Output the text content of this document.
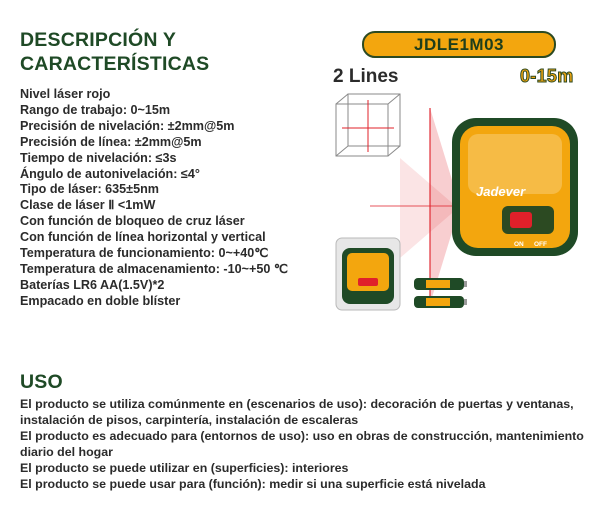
DESCRIPCIÓN Y CARACTERÍSTICAS
Nivel láser rojo
Rango de trabajo: 0~15m
Precisión de nivelación: ±2mm@5m
Precisión de línea: ±2mm@5m
Tiempo de nivelación: ≤3s
Ángulo de autonivelación: ≤4°
Tipo de láser: 635±5nm
Clase de láser Ⅱ <1mW
Con función de bloqueo de cruz láser
Con función de línea horizontal y vertical
Temperatura de funcionamiento: 0~+40℃
Temperatura de almacenamiento: -10~+50 ℃
Baterías LR6 AA(1.5V)*2
Empacado en doble blíster
JDLE1M03
2 Lines	0-15m
ON OFF
Jadever
USO
El producto se utiliza comúnmente en (escenarios de uso): decoración de puertas y ventanas, instalación de pisos, carpintería, instalación de escaleras
El producto es adecuado para (entornos de uso): uso en obras de construcción, mantenimiento diario del hogar
El producto se puede utilizar en (superficies): interiores
El producto se puede usar para (función): medir si una superficie está nivelada
